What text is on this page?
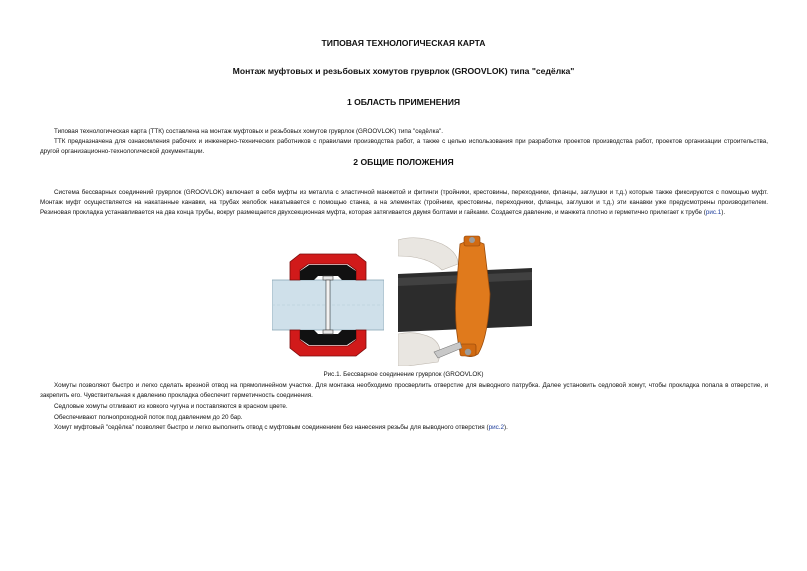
ТИПОВАЯ ТЕХНОЛОГИЧЕСКАЯ КАРТА
Монтаж муфтовых и резьбовых хомутов груврлок (GROOVLOK) типа "седёлка"
1 ОБЛАСТЬ ПРИМЕНЕНИЯ
Типовая технологическая карта (ТТК) составлена на монтаж муфтовых и резьбовых хомутов груврлок (GROOVLOK) типа "седёлка".
ТТК предназначена для ознакомления рабочих и инженерно-технических работников с правилами производства работ, а также с целью использования при разработке проектов производства работ, проектов организации строительства, другой организационно-технологической документации.
2 ОБЩИЕ ПОЛОЖЕНИЯ
Система бессварных соединений груврлок (GROOVLOK) включает в себя муфты из металла с эластичной манжетой и фитинги (тройники, крестовины, переходники, фланцы, заглушки и т.д.) которые также фиксируются с помощью муфт. Монтаж муфт осуществляется на накатанные канавки, на трубах желобок накатывается с помощью станка, а на элементах (тройники, крестовины, переходники, фланцы, заглушки и т.д.) эти канавки уже предусмотрены производителем. Резиновая прокладка устанавливается на два конца трубы, вокруг размещается двухсекционная муфта, которая затягивается двумя болтами и гайками. Создается давление, и манжета плотно и герметично прилегает к трубе (рис.1).
Рис.1. Бессварное соединение груврлок (GROOVLOK)
Хомуты позволяют быстро и легко сделать врезной отвод на прямолинейном участке. Для монтажа необходимо просверлить отверстие для выводного патрубка. Далее установить седловой хомут, чтобы прокладка попала в отверстие, и закрепить его. Чувствительная к давлению прокладка обеспечит герметичность соединения.
Седловые хомуты отливают из ковкого чугуна и поставляются в красном цвете.
Обеспечивают полнопроходной поток под давлением до 20 бар.
Хомут муфтовый "седёлка" позволяет быстро и легко выполнить отвод с муфтовым соединением без нанесения резьбы для выводного отверстия (рис.2).
